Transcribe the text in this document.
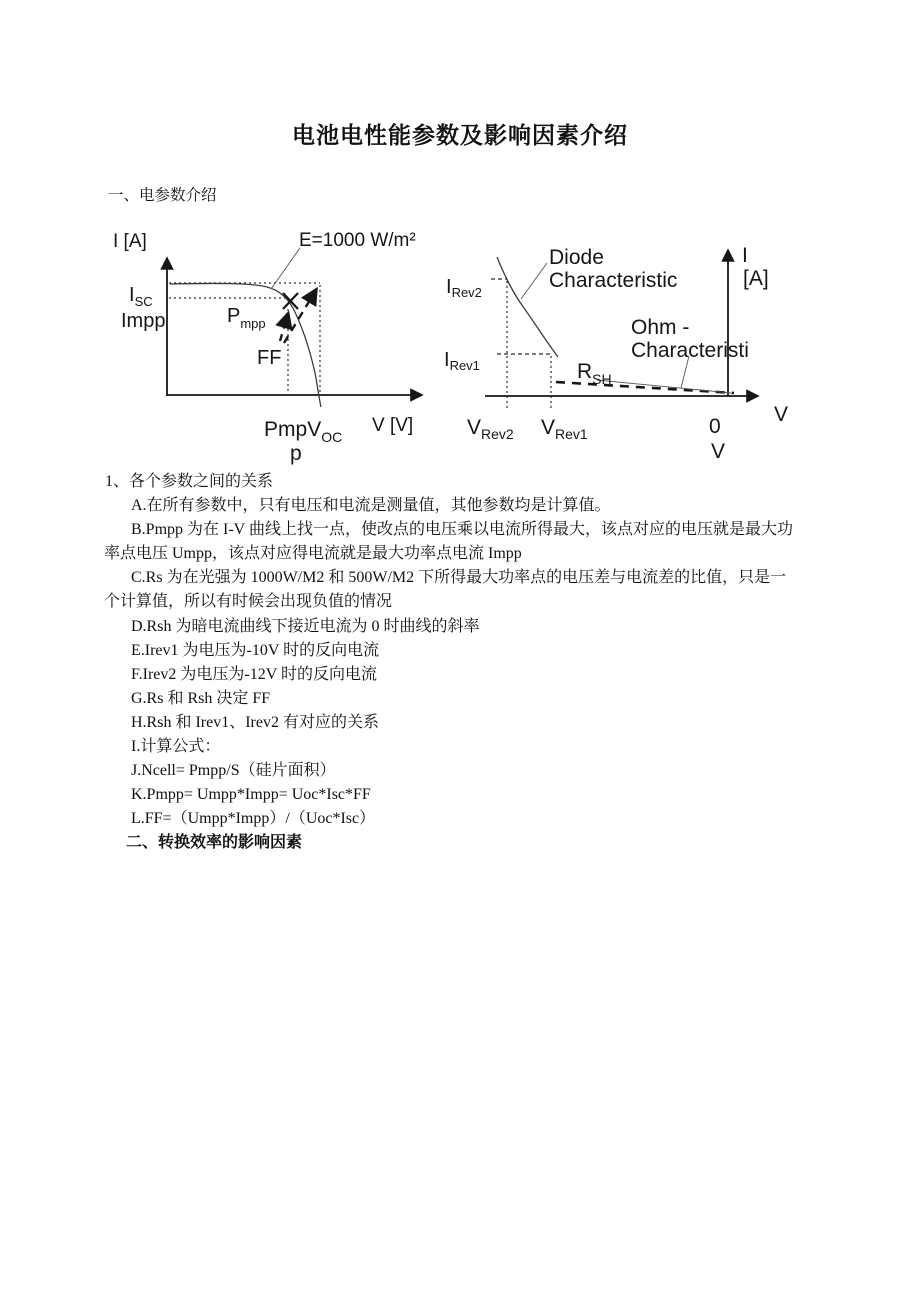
电池电性能参数及影响因素介绍
一、电参数介绍
I [A]	E=1000 W/m²
$I_{SC}$
Impp	$P_{mpp}$
FF
PmpV$_{OC}$
p
V [V]
$I_{Rev2}$
$I_{Rev1}$
Diode
Characteristic
Ohm -
Characteristi
$R_{SH}$
I
[A]
$V_{Rev2}$ $V_{Rev1}$	0
V
V
1、各个参数之间的关系
A.在所有参数中，只有电压和电流是测量值，其他参数均是计算值。
B.Pmpp 为在 I-V 曲线上找一点，使改点的电压乘以电流所得最大，该点对应的电压就是最大功
率点电压 Umpp，该点对应得电流就是最大功率点电流 Impp
C.Rs 为在光强为 1000W/M2 和 500W/M2 下所得最大功率点的电压差与电流差的比值，只是一
个计算值，所以有时候会出现负值的情况
D.Rsh 为暗电流曲线下接近电流为 0 时曲线的斜率
E.Irev1 为电压为-10V 时的反向电流
F.Irev2 为电压为-12V 时的反向电流
G.Rs 和 Rsh 决定 FF
H.Rsh 和 Irev1、Irev2 有对应的关系
I.计算公式：
J.Ncell= Pmpp/S（硅片面积）
K.Pmpp= Umpp*Impp= Uoc*Isc*FF
L.FF=（Umpp*Impp）/（Uoc*Isc）
二、转换效率的影响因素
